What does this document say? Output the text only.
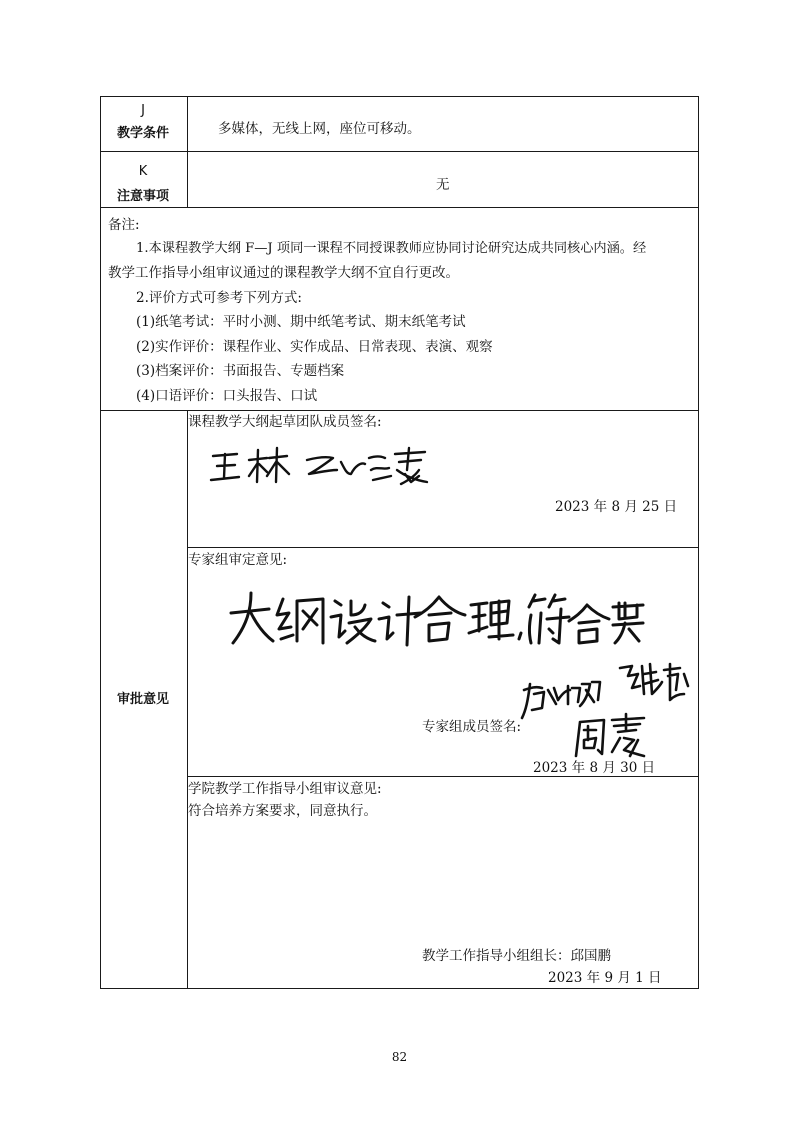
J
教学条件	多媒体，无线上网，座位可移动。
K
注意事项
无
备注:
1.本课程教学大纲 F—J 项同一课程不同授课教师应协同讨论研究达成共同核心内涵。经
教学工作指导小组审议通过的课程教学大纲不宜自行更改。
2.评价方式可参考下列方式:
(1)纸笔考试：平时小测、期中纸笔考试、期末纸笔考试
(2)实作评价：课程作业、实作成品、日常表现、表演、观察
(3)档案评价：书面报告、专题档案
(4)口语评价：口头报告、口试
审批意见
课程教学大纲起草团队成员签名:
2023 年 8 月 25 日
专家组审定意见:
专家组成员签名:
2023 年 8 月 30 日
学院教学工作指导小组审议意见:
符合培养方案要求，同意执行。
教学工作指导小组组长：邱国鹏
2023 年 9 月 1 日
82
